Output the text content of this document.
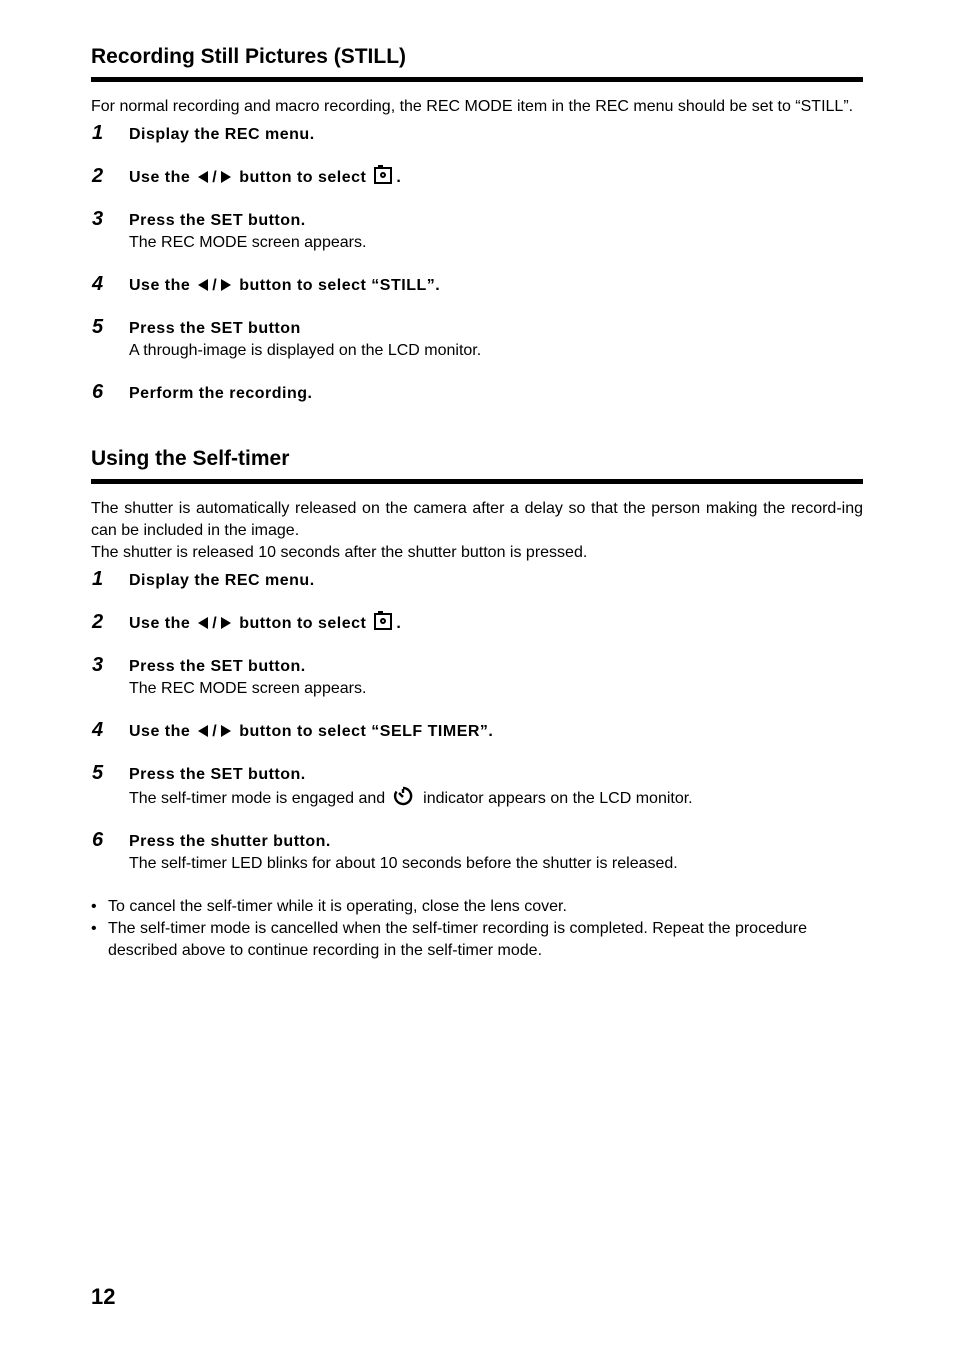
Recording Still Pictures (STILL)

For normal recording and macro recording, the REC MODE item in the REC menu should be set to “STILL”.

1 Display the REC menu.
2 Use the / button to select .
3 Press the SET button.
The REC MODE screen appears.
4 Use the / button to select “STILL”.
5 Press the SET button
A through-image is displayed on the LCD monitor.
6 Perform the recording.
Using the Self-timer

The shutter is automatically released on the camera after a delay so that the person making the record-ing can be included in the image.

The shutter is released 10 seconds after the shutter button is pressed.

1 Display the REC menu.
2 Use the / button to select .
3 Press the SET button.
The REC MODE screen appears.
4 Use the / button to select “SELF TIMER”.
5 Press the SET button.
The self-timer mode is engaged and indicator appears on the LCD monitor.
6 Press the shutter button.
The self-timer LED blinks for about 10 seconds before the shutter is released.
• To cancel the self-timer while it is operating, close the lens cover.
• The self-timer mode is cancelled when the self-timer recording is completed. Repeat the procedure described above to continue recording in the self-timer mode.
12
